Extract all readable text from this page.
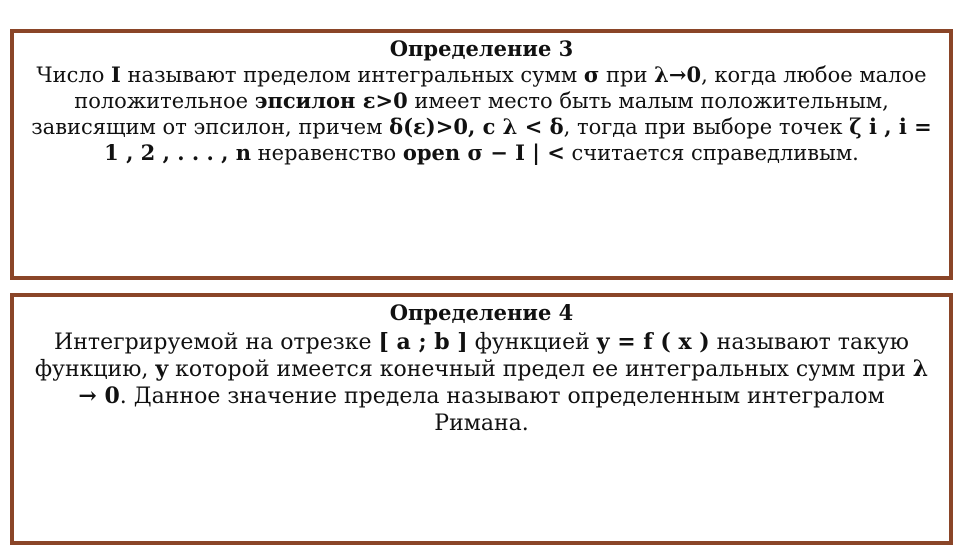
Определение 3
Число I называют пределом интегральных сумм σ при λ→0, когда любое малое положительное эпсилон ε>0 имеет место быть малым положительным, зависящим от эпсилон, причем δ(ε)>0, с λ < δ, тогда при выборе точек ζ i , i = 1 , 2 , . . . , n неравенство open σ − I | < считается справедливым.
Определение 4
Интегрируемой на отрезке [ a ; b ] функцией y = f ( x ) называют такую функцию, y которой имеется конечный предел ее интегральных сумм при λ → 0. Данное значение предела называют определенным интегралом Римана.
